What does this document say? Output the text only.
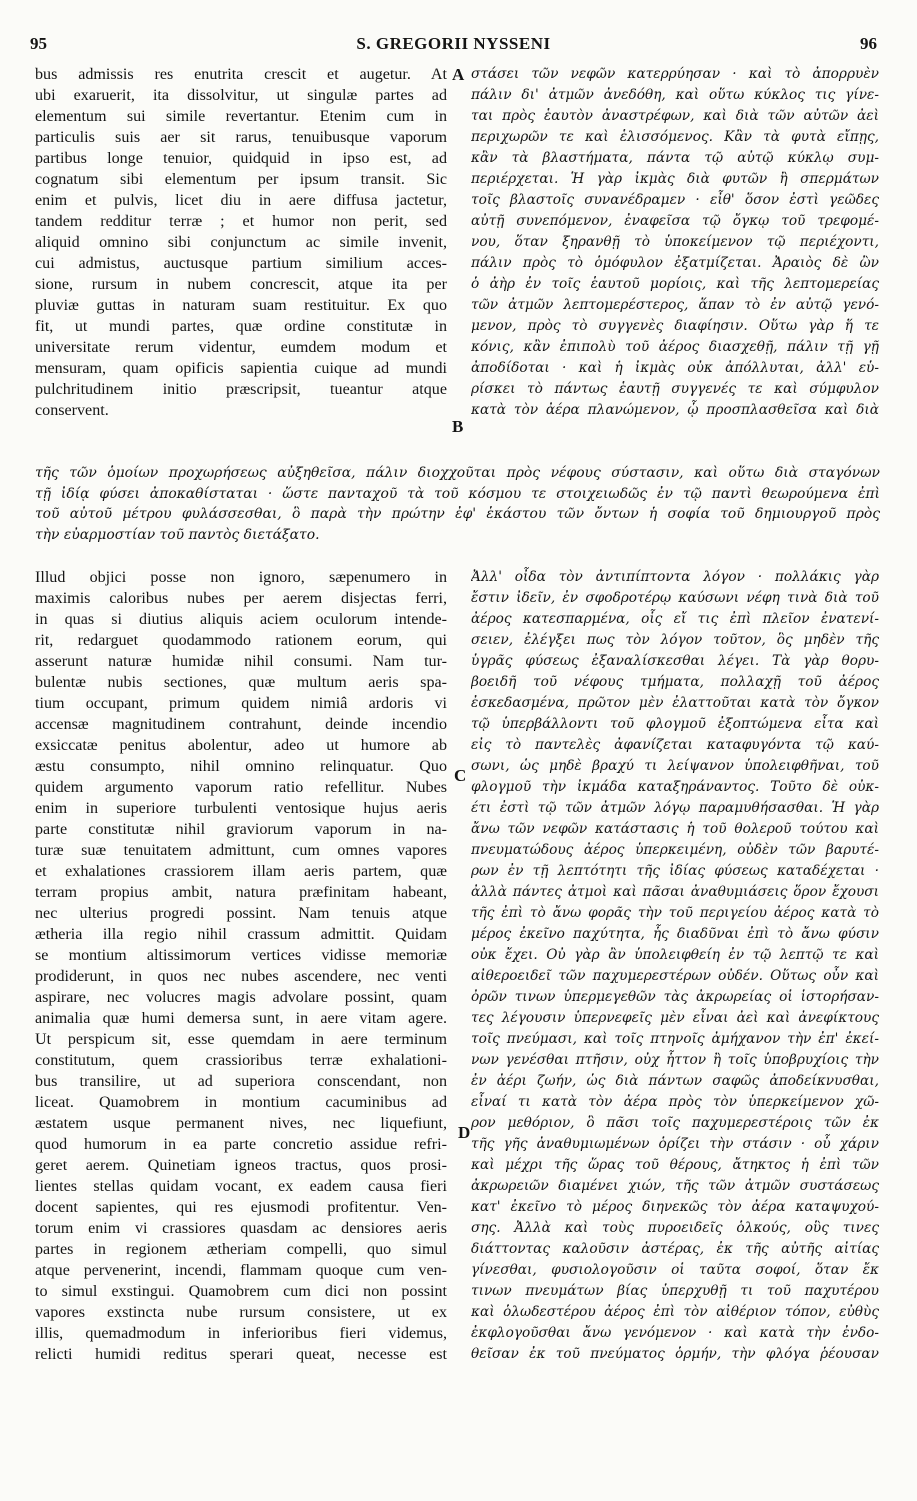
95	S. GREGORII NYSSENI	96
A
B
C
D
bus admissis res enutrita crescit et augetur. At
ubi exaruerit, ita dissolvitur, ut singulæ partes ad
elementum sui simile revertantur. Etenim cum in
particulis suis aer sit rarus, tenuibusque vaporum
partibus longe tenuior, quidquid in ipso est, ad
cognatum sibi elementum per ipsum transit. Sic
enim et pulvis, licet diu in aere diffusa jactetur,
tandem redditur terræ ; et humor non perit, sed
aliquid omnino sibi conjunctum ac simile invenit,
cui admistus, auctusque partium similium acces-
sione, rursum in nubem concrescit, atque ita per
pluviæ guttas in naturam suam restituitur. Ex quo
fit, ut mundi partes, quæ ordine constitutæ in
universitate rerum videntur, eumdem modum et
mensuram, quam opificis sapientia cuique ad mundi
pulchritudinem initio præscripsit, tueantur atque
conservent.
στάσει τῶν νεφῶν κατερρύησαν · καὶ τὸ ἀπορρυὲν
πάλιν δι' ἀτμῶν ἀνεδόθη, καὶ οὕτω κύκλος τις γίνε-
ται πρὸς ἑαυτὸν ἀναστρέφων, καὶ διὰ τῶν αὐτῶν ἀεὶ
περιχωρῶν τε καὶ ἑλισσόμενος. Κἂν τὰ φυτὰ εἴπῃς,
κἂν τὰ βλαστήματα, πάντα τῷ αὐτῷ κύκλῳ συμ-
περιέρχεται. Ἡ γὰρ ἰκμὰς διὰ φυτῶν ἢ σπερμάτων
τοῖς βλαστοῖς συνανέδραμεν · εἶθ' ὅσον ἐστὶ γεῶδες
αὐτῇ συνεπόμενον, ἐναφεῖσα τῷ ὄγκῳ τοῦ τρεφομέ-
νου, ὅταν ξηρανθῇ τὸ ὑποκείμενον τῷ περιέχοντι,
πάλιν πρὸς τὸ ὁμόφυλον ἐξατμίζεται. Ἀραιὸς δὲ ὢν
ὁ ἀὴρ ἐν τοῖς ἑαυτοῦ μορίοις, καὶ τῆς λεπτομερείας
τῶν ἀτμῶν λεπτομερέστερος, ἅπαν τὸ ἐν αὐτῷ γενό-
μενον, πρὸς τὸ συγγενὲς διαφίησιν. Οὕτω γὰρ ἥ τε
κόνις, κἂν ἐπιπολὺ τοῦ ἀέρος διασχεθῇ, πάλιν τῇ γῇ
ἀποδίδοται · καὶ ἡ ἰκμὰς οὐκ ἀπόλλυται, ἀλλ' εὑ-
ρίσκει τὸ πάντως ἑαυτῇ συγγενές τε καὶ σύμφυλον
κατὰ τὸν ἀέρα πλανώμενον, ᾧ προσπλασθεῖσα καὶ διὰ
τῆς τῶν ὁμοίων προχωρήσεως αὐξηθεῖσα, πάλιν διοχχοῦται πρὸς νέφους σύστασιν, καὶ οὕτω διὰ σταγόνων
τῇ ἰδίᾳ φύσει ἀποκαθίσταται · ὥστε πανταχοῦ τὰ τοῦ κόσμου τε στοιχειωδῶς ἐν τῷ παντὶ θεωρούμενα ἐπὶ
τοῦ αὐτοῦ μέτρου φυλάσσεσθαι, ὃ παρὰ τὴν πρώτην ἐφ' ἑκάστου τῶν ὄντων ἡ σοφία τοῦ δημιουργοῦ πρὸς
τὴν εὐαρμοστίαν τοῦ παντὸς διετάξατο.
Illud objici posse non ignoro, sæpenumero in
maximis caloribus nubes per aerem disjectas ferri,
in quas si diutius aliquis aciem oculorum intende-
rit, redarguet quodammodo rationem eorum, qui
asserunt naturæ humidæ nihil consumi. Nam tur-
bulentæ nubis sectiones, quæ multum aeris spa-
tium occupant, primum quidem nimiâ ardoris vi
accensæ magnitudinem contrahunt, deinde incendio
exsiccatæ penitus abolentur, adeo ut humore ab
æstu consumpto, nihil omnino relinquatur. Quo
quidem argumento vaporum ratio refellitur. Nubes
enim in superiore turbulenti ventosique hujus aeris
parte constitutæ nihil graviorum vaporum in na-
turæ suæ tenuitatem admittunt, cum omnes vapores
et exhalationes crassiorem illam aeris partem, quæ
terram propius ambit, natura præfinitam habeant,
nec ulterius progredi possint. Nam tenuis atque
ætheria illa regio nihil crassum admittit. Quidam
se montium altissimorum vertices vidisse memoriæ
prodiderunt, in quos nec nubes ascendere, nec venti
aspirare, nec volucres magis advolare possint, quam
animalia quæ humi demersa sunt, in aere vitam agere.
Ut perspicum sit, esse quemdam in aere terminum
constitutum, quem crassioribus terræ exhalationi-
bus transilire, ut ad superiora conscendant, non
liceat. Quamobrem in montium cacuminibus ad
æstatem usque permanent nives, nec liquefiunt,
quod humorum in ea parte concretio assidue refri-
geret aerem. Quinetiam igneos tractus, quos prosi-
lientes stellas quidam vocant, ex eadem causa fieri
docent sapientes, qui res ejusmodi profitentur. Ven-
torum enim vi crassiores quasdam ac densiores aeris
partes in regionem ætheriam compelli, quo simul
atque pervenerint, incendi, flammam quoque cum ven-
to simul exstingui. Quamobrem cum dici non possint
vapores exstincta nube rursum consistere, ut ex
illis, quemadmodum in inferioribus fieri videmus,
relicti humidi reditus sperari queat, necesse est
Ἀλλ' οἶδα τὸν ἀντιπίπτοντα λόγον · πολλάκις γὰρ
ἔστιν ἰδεῖν, ἐν σφοδροτέρῳ καύσωνι νέφη τινὰ διὰ τοῦ
ἀέρος κατεσπαρμένα, οἷς εἴ τις ἐπὶ πλεῖον ἐνατενί-
σειεν, ἐλέγξει πως τὸν λόγον τοῦτον, ὃς μηδὲν τῆς
ὑγρᾶς φύσεως ἐξαναλίσκεσθαι λέγει. Τὰ γὰρ θορυ-
βοειδῆ τοῦ νέφους τμήματα, πολλαχῇ τοῦ ἀέρος
ἐσκεδασμένα, πρῶτον μὲν ἐλαττοῦται κατὰ τὸν ὄγκον
τῷ ὑπερβάλλοντι τοῦ φλογμοῦ ἐξοπτώμενα εἶτα καὶ
εἰς τὸ παντελὲς ἀφανίζεται καταφυγόντα τῷ καύ-
σωνι, ὡς μηδὲ βραχύ τι λείψανον ὑπολειφθῆναι, τοῦ
φλογμοῦ τὴν ἰκμάδα καταξηράναντος. Τοῦτο δὲ οὐκ-
έτι ἐστὶ τῷ τῶν ἀτμῶν λόγῳ παραμυθήσασθαι. Ἡ γὰρ
ἄνω τῶν νεφῶν κατάστασις ἡ τοῦ θολεροῦ τούτου καὶ
πνευματώδους ἀέρος ὑπερκειμένη, οὐδὲν τῶν βαρυτέ-
ρων ἐν τῇ λεπτότητι τῆς ἰδίας φύσεως καταδέχεται ·
ἀλλὰ πάντες ἀτμοὶ καὶ πᾶσαι ἀναθυμιάσεις ὅρον ἔχουσι
τῆς ἐπὶ τὸ ἄνω φορᾶς τὴν τοῦ περιγείου ἀέρος κατὰ τὸ
μέρος ἐκεῖνο παχύτητα, ἧς διαδῦναι ἐπὶ τὸ ἄνω φύσιν
οὐκ ἔχει. Οὐ γὰρ ἂν ὑπολειφθείη ἐν τῷ λεπτῷ τε καὶ
αἰθεροειδεῖ τῶν παχυμερεστέρων οὐδέν. Οὕτως οὖν καὶ
ὀρῶν τινων ὑπερμεγεθῶν τὰς ἀκρωρείας οἱ ἱστορήσαν-
τες λέγουσιν ὑπερνεφεῖς μὲν εἶναι ἀεὶ καὶ ἀνεφίκτους
τοῖς πνεύμασι, καὶ τοῖς πτηνοῖς ἀμήχανον τὴν ἐπ' ἐκεί-
νων γενέσθαι πτῆσιν, οὐχ ἧττον ἢ τοῖς ὑποβρυχίοις τὴν
ἐν ἀέρι ζωήν, ὡς διὰ πάντων σαφῶς ἀποδείκνυσθαι,
εἶναί τι κατὰ τὸν ἀέρα πρὸς τὸν ὑπερκείμενον χῶ-
ρον μεθόριον, ὃ πᾶσι τοῖς παχυμερεστέροις τῶν ἐκ
τῆς γῆς ἀναθυμιωμένων ὁρίζει τὴν στάσιν · οὗ χάριν
καὶ μέχρι τῆς ὥρας τοῦ θέρους, ἄτηκτος ἡ ἐπὶ τῶν
ἀκρωρειῶν διαμένει χιών, τῆς τῶν ἀτμῶν συστάσεως
κατ' ἐκεῖνο τὸ μέρος διηνεκῶς τὸν ἀέρα καταψυχού-
σης. Ἀλλὰ καὶ τοὺς πυροειδεῖς ὁλκούς, οὓς τινες
διάττοντας καλοῦσιν ἀστέρας, ἐκ τῆς αὐτῆς αἰτίας
γίνεσθαι, φυσιολογοῦσιν οἱ ταῦτα σοφοί, ὅταν ἔκ
τινων πνευμάτων βίας ὑπερχυθῇ τι τοῦ παχυτέρου
καὶ ὁλωδεστέρου ἀέρος ἐπὶ τὸν αἰθέριον τόπον, εὐθὺς
ἐκφλογοῦσθαι ἄνω γενόμενον · καὶ κατὰ τὴν ἐνδο-
θεῖσαν ἐκ τοῦ πνεύματος ὁρμήν, τὴν φλόγα ῥέουσαν
